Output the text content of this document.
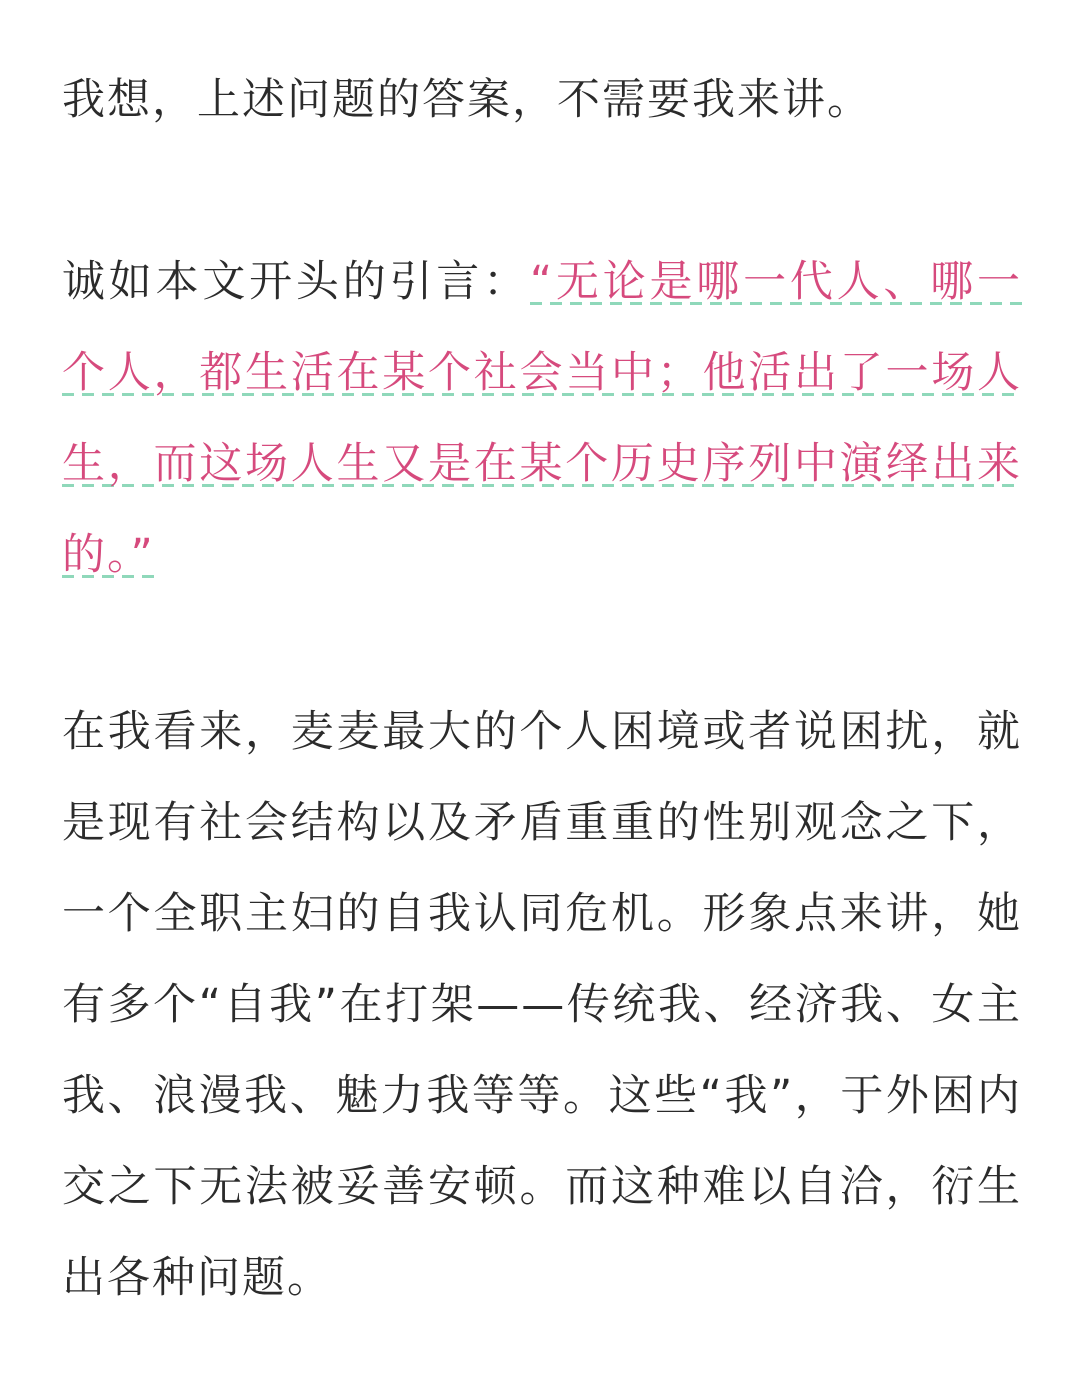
我想，上述问题的答案，不需要我来讲。

诚如本文开头的引言：“无论是哪一代人、哪一个人，都生活在某个社会当中；他活出了一场人生，而这场人生又是在某个历史序列中演绎出来的。”

在我看来，麦麦最大的个人困境或者说困扰，就是现有社会结构以及矛盾重重的性别观念之下，一个全职主妇的自我认同危机。形象点来讲，她有多个“自我”在打架——传统我、经济我、女主我、浪漫我、魅力我等等。这些“我”，于外困内交之下无法被妥善安顿。而这种难以自洽，衍生出各种问题。
